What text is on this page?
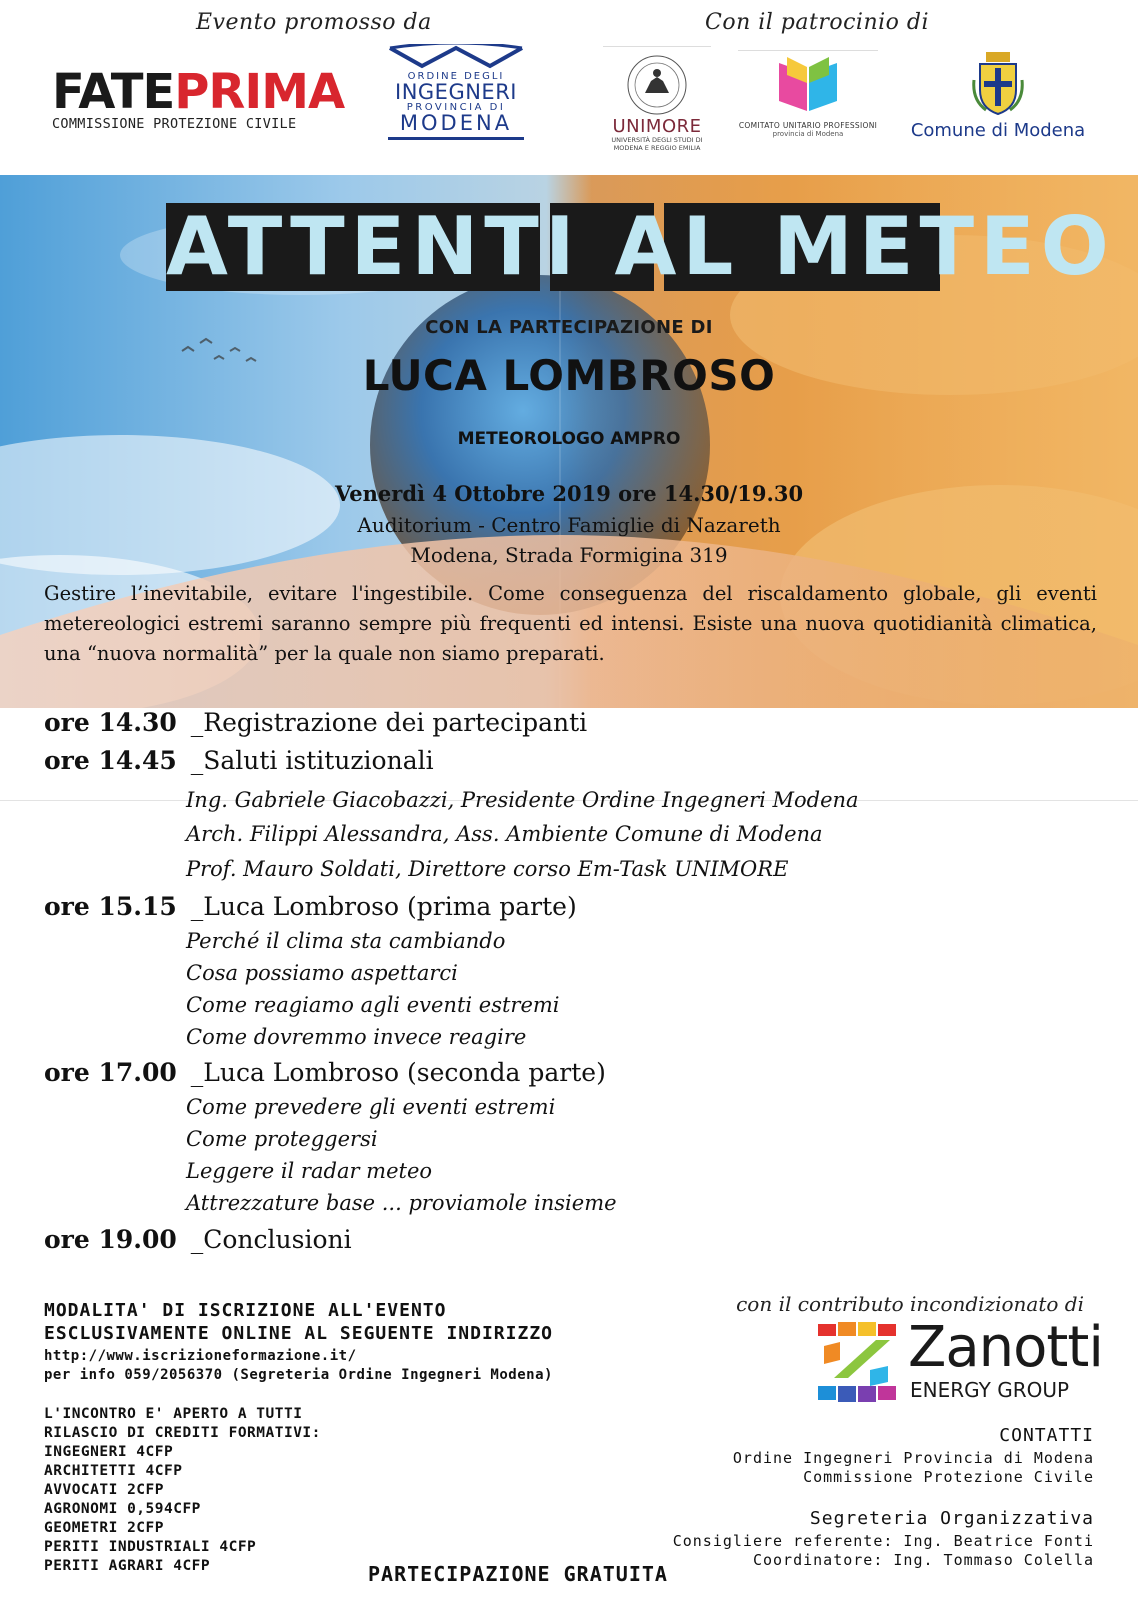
Evento promosso da	Con il patrocinio di
FATEPRIMA
COMMISSIONE PROTEZIONE CIVILE
ORDINE DEGLI
INGEGNERI
PROVINCIA DI
MODENA	UNIMORE
UNIVERSITÀ DEGLI STUDI DI
MODENA E REGGIO EMILIA
COMITATO UNITARIO PROFESSIONI
provincia di Modena	Comune di Modena
ATTENTI AL METEO
CON LA PARTECIPAZIONE DI
LUCA LOMBROSO
METEOROLOGO AMPRO
Venerdì 4 Ottobre 2019 ore 14.30/19.30
Auditorium - Centro Famiglie di Nazareth
Modena, Strada Formigina 319
Gestire l’inevitabile, evitare l'ingestibile. Come conseguenza del riscaldamento globale, gli eventi metereologici estremi saranno sempre più frequenti ed intensi. Esiste una nuova quotidianità climatica, una “nuova normalità” per la quale non siamo preparati.
ore 14.30 _Registrazione dei partecipanti
ore 14.45 _Saluti istituzionali
Ing. Gabriele Giacobazzi, Presidente Ordine Ingegneri Modena
Arch. Filippi Alessandra, Ass. Ambiente Comune di Modena
Prof. Mauro Soldati, Direttore corso Em-Task UNIMORE
ore 15.15 _Luca Lombroso (prima parte)
Perché il clima sta cambiando
Cosa possiamo aspettarci
Come reagiamo agli eventi estremi
Come dovremmo invece reagire
ore 17.00 _Luca Lombroso (seconda parte)
Come prevedere gli eventi estremi
Come proteggersi
Leggere il radar meteo
Attrezzature base ... proviamole insieme
ore 19.00 _Conclusioni
MODALITA' DI ISCRIZIONE ALL'EVENTO
ESCLUSIVAMENTE ONLINE AL SEGUENTE INDIRIZZO
http://www.iscrizioneformazione.it/
per info 059/2056370 (Segreteria Ordine Ingegneri Modena)
L'INCONTRO E' APERTO A TUTTI
RILASCIO DI CREDITI FORMATIVI:
INGEGNERI 4CFP
ARCHITETTI 4CFP
AVVOCATI 2CFP
AGRONOMI 0,594CFP
GEOMETRI 2CFP
PERITI INDUSTRIALI 4CFP
PERITI AGRARI 4CFP	PARTECIPAZIONE GRATUITA
con il contributo incondizionato di
Zanotti
ENERGY GROUP
CONTATTI
Ordine Ingegneri Provincia di Modena
Commissione Protezione Civile
Segreteria Organizzativa
Consigliere referente: Ing. Beatrice Fonti
Coordinatore: Ing. Tommaso Colella
